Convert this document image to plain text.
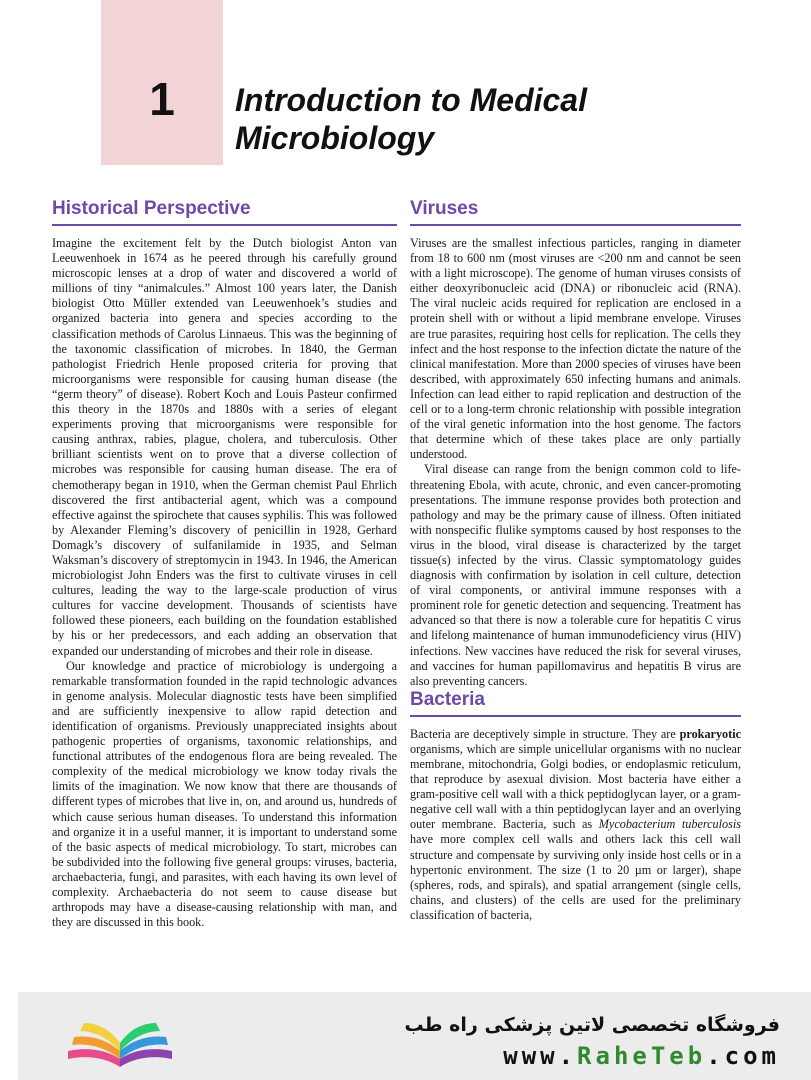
1	Introduction to Medical
Microbiology
Historical Perspective

Imagine the excitement felt by the Dutch biologist Anton van Leeuwenhoek in 1674 as he peered through his carefully ground microscopic lenses at a drop of water and discovered a world of millions of tiny “animalcules.” Almost 100 years later, the Danish biologist Otto Müller extended van Leeuwenhoek’s studies and organized bacteria into genera and species according to the classification methods of Carolus Linnaeus. This was the beginning of the taxonomic classification of microbes. In 1840, the German pathologist Friedrich Henle proposed criteria for proving that microorganisms were responsible for causing human disease (the “germ theory” of disease). Robert Koch and Louis Pasteur confirmed this theory in the 1870s and 1880s with a series of elegant experiments proving that microorganisms were responsible for causing anthrax, rabies, plague, cholera, and tuberculosis. Other brilliant scientists went on to prove that a diverse collection of microbes was responsible for causing human disease. The era of chemotherapy began in 1910, when the German chemist Paul Ehrlich discovered the first antibacterial agent, which was a compound effective against the spirochete that causes syphilis. This was followed by Alexander Fleming’s discovery of penicillin in 1928, Gerhard Domagk’s discovery of sulfanilamide in 1935, and Selman Waksman’s discovery of streptomycin in 1943. In 1946, the American microbiologist John Enders was the first to cultivate viruses in cell cultures, leading the way to the large-scale production of virus cultures for vaccine development. Thousands of scientists have followed these pioneers, each building on the foundation established by his or her predecessors, and each adding an observation that expanded our understanding of microbes and their role in disease.

Our knowledge and practice of microbiology is undergoing a remarkable transformation founded in the rapid technologic advances in genome analysis. Molecular diagnostic tests have been simplified and are sufficiently inexpensive to allow rapid detection and identification of organisms. Previously unappreciated insights about pathogenic properties of organisms, taxonomic relationships, and functional attributes of the endogenous flora are being revealed. The complexity of the medical microbiology we know today rivals the limits of the imagination. We now know that there are thousands of different types of microbes that live in, on, and around us, hundreds of which cause serious human diseases. To understand this information and organize it in a useful manner, it is important to understand some of the basic aspects of medical microbiology. To start, microbes can be subdivided into the following five general groups: viruses, bacteria, archaebacteria, fungi, and parasites, with each having its own level of complexity. Archaebacteria do not seem to cause disease but arthropods may have a disease-causing relationship with man, and they are discussed in this book.

Viruses

Viruses are the smallest infectious particles, ranging in diameter from 18 to 600 nm (most viruses are <200 nm and cannot be seen with a light microscope). The genome of human viruses consists of either deoxyribonucleic acid (DNA) or ribonucleic acid (RNA). The viral nucleic acids required for replication are enclosed in a protein shell with or without a lipid membrane envelope. Viruses are true parasites, requiring host cells for replication. The cells they infect and the host response to the infection dictate the nature of the clinical manifestation. More than 2000 species of viruses have been described, with approximately 650 infecting humans and animals. Infection can lead either to rapid replication and destruction of the cell or to a long-term chronic relationship with possible integration of the viral genetic information into the host genome. The factors that determine which of these takes place are only partially understood.

Viral disease can range from the benign common cold to life-threatening Ebola, with acute, chronic, and even cancer-promoting presentations. The immune response provides both protection and pathology and may be the primary cause of illness. Often initiated with nonspecific flulike symptoms caused by host responses to the virus in the blood, viral disease is characterized by the target tissue(s) infected by the virus. Classic symptomatology guides diagnosis with confirmation by isolation in cell culture, detection of viral components, or antiviral immune responses with a prominent role for genetic detection and sequencing. Treatment has advanced so that there is now a tolerable cure for hepatitis C virus and lifelong maintenance of human immunodeficiency virus (HIV) infections. New vaccines have reduced the risk for several viruses, and vaccines for human papillomavirus and hepatitis B virus are also preventing cancers.

Bacteria

Bacteria are deceptively simple in structure. They are prokaryotic organisms, which are simple unicellular organisms with no nuclear membrane, mitochondria, Golgi bodies, or endoplasmic reticulum, that reproduce by asexual division. Most bacteria have either a gram-positive cell wall with a thick peptidoglycan layer, or a gram-negative cell wall with a thin peptidoglycan layer and an overlying outer membrane. Bacteria, such as Mycobacterium tuberculosis have more complex cell walls and others lack this cell wall structure and compensate by surviving only inside host cells or in a hypertonic environment. The size (1 to 20 µm or larger), shape (spheres, rods, and spirals), and spatial arrangement (single cells, chains, and clusters) of the cells are used for the preliminary classification of bacteria,

فروشگاه تخصصی لاتین پزشکی راه طب
www.RaheTeb.com
